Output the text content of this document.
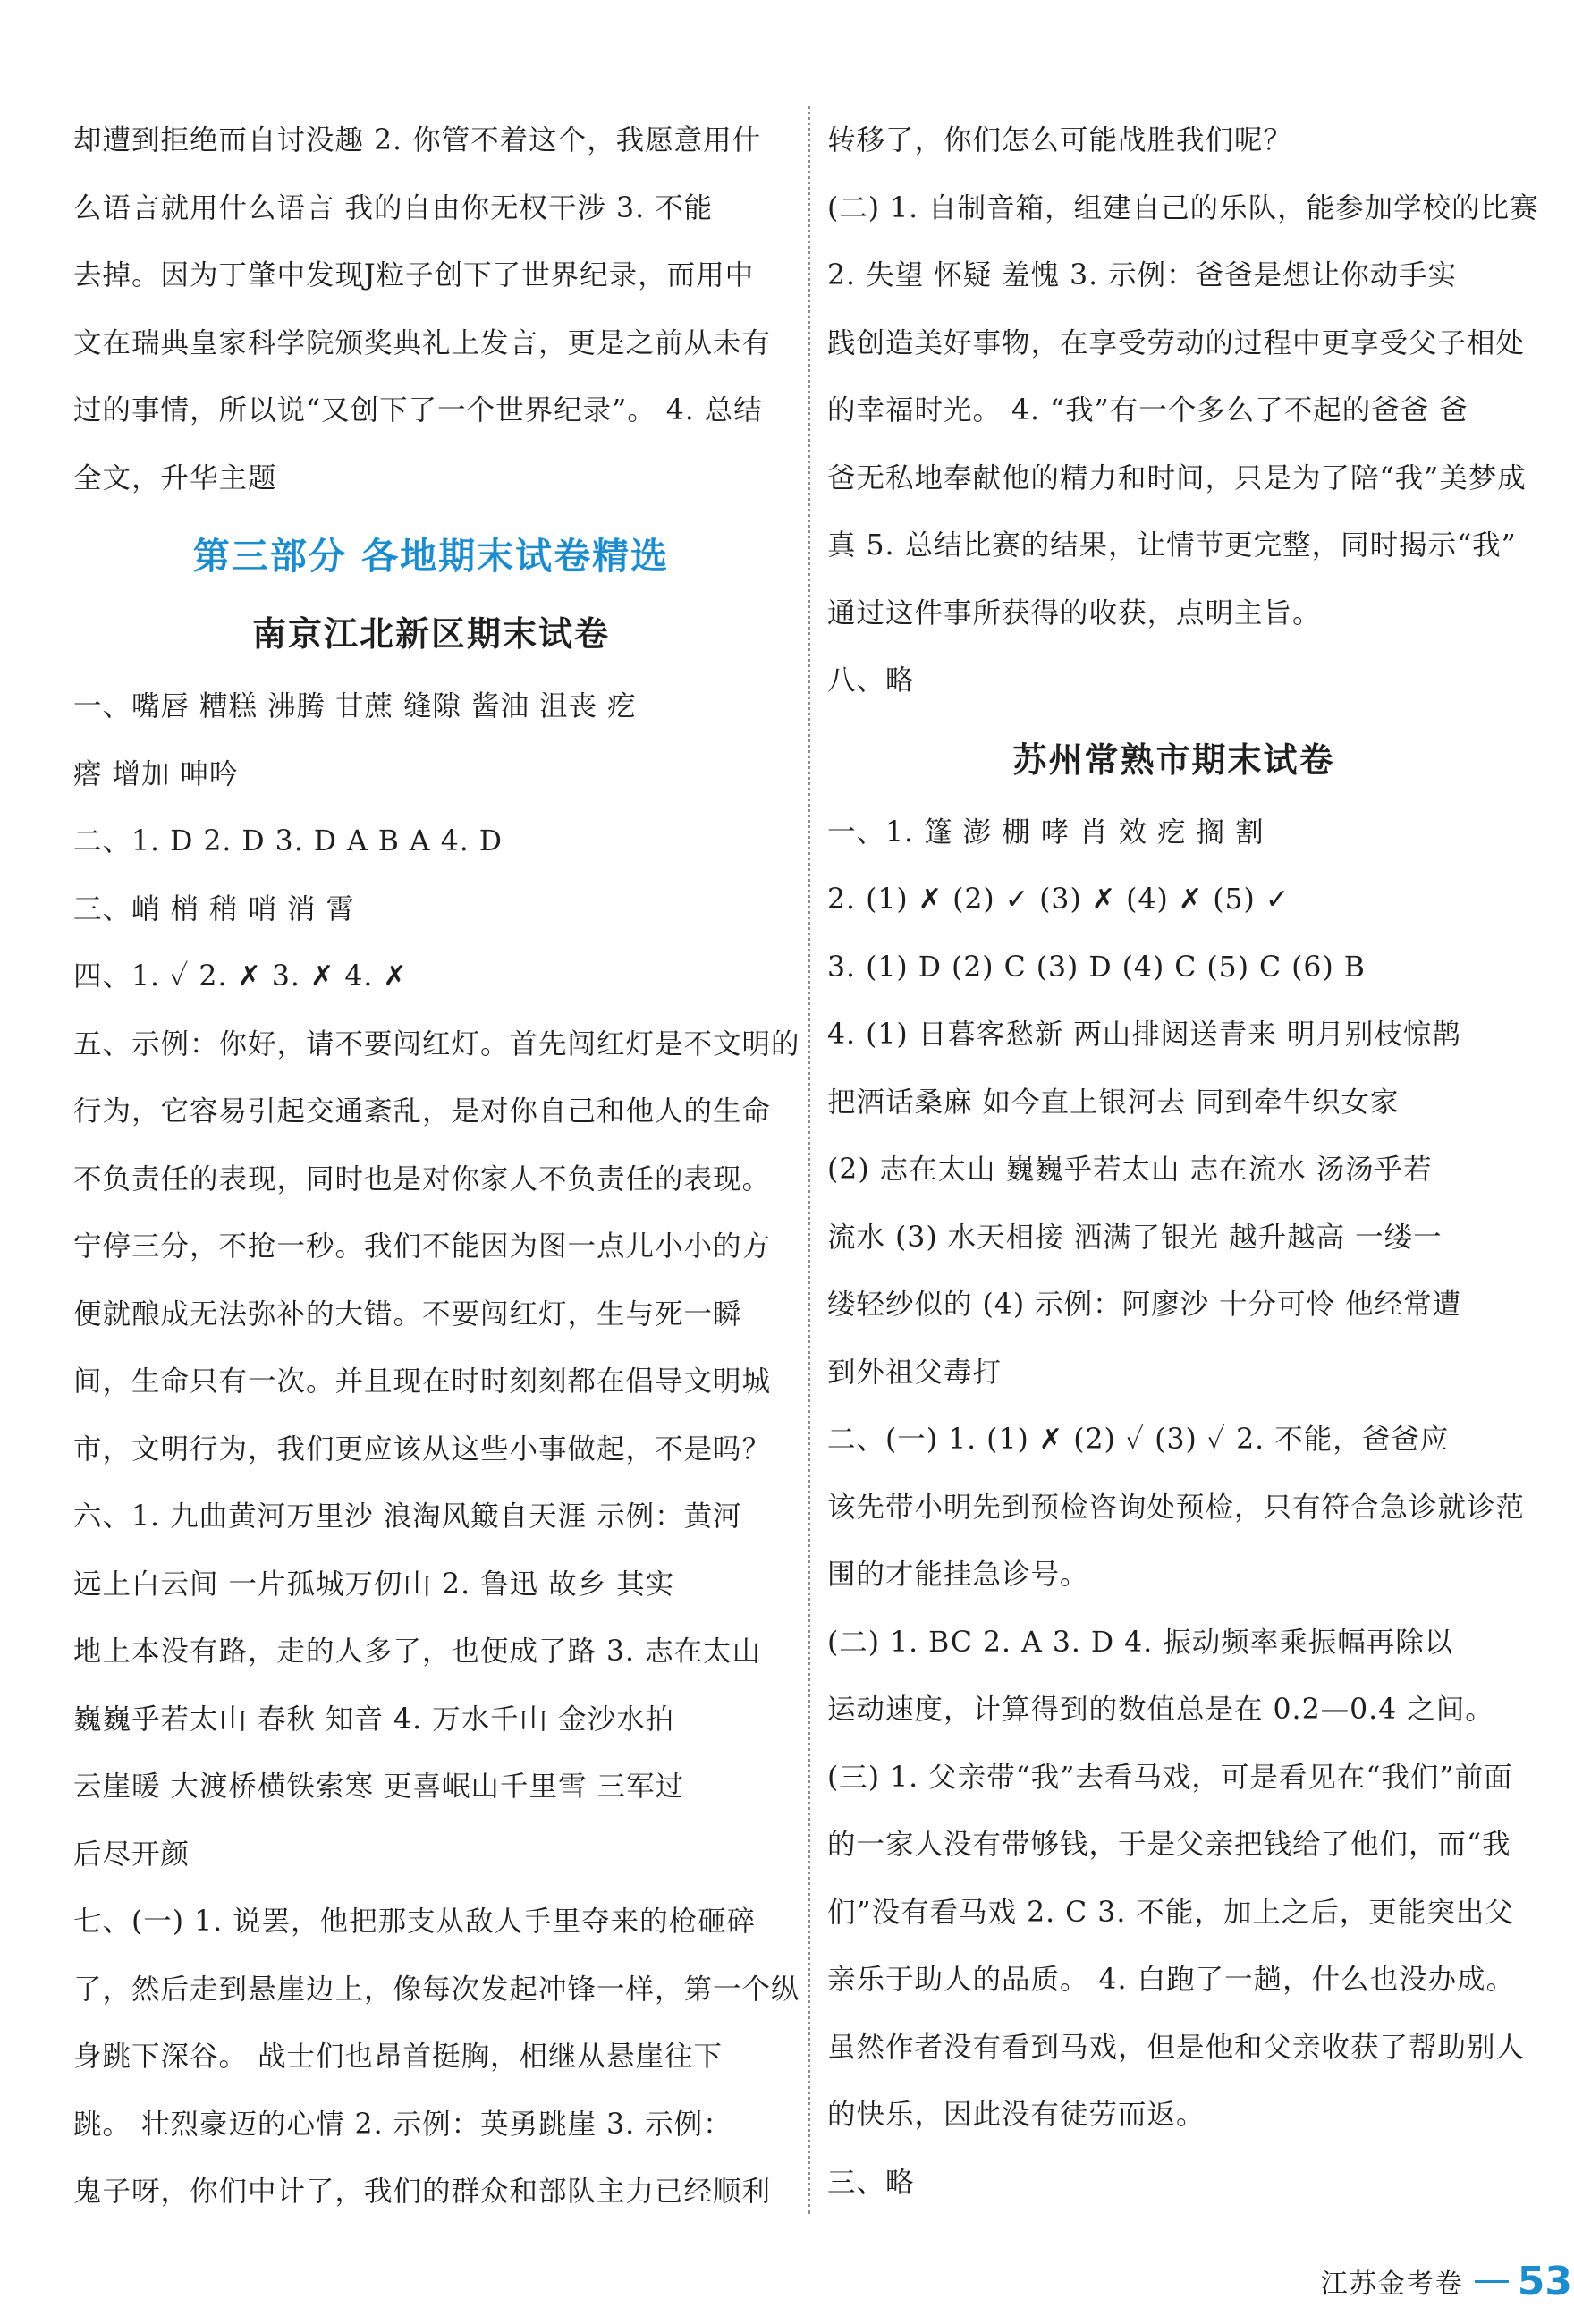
却遭到拒绝而自讨没趣 2. 你管不着这个，我愿意用什

么语言就用什么语言 我的自由你无权干涉 3. 不能

去掉。因为丁肇中发现J粒子创下了世界纪录，而用中

文在瑞典皇家科学院颁奖典礼上发言，更是之前从未有

过的事情，所以说“又创下了一个世界纪录”。 4. 总结

全文，升华主题

第三部分 各地期末试卷精选
南京江北新区期末试卷

一、嘴唇 糟糕 沸腾 甘蔗 缝隙 酱油 沮丧 疙

瘩 增加 呻吟

二、1. D 2. D 3. D A B A 4. D

三、峭 梢 稍 哨 消 霄

四、1. ✓ 2. ✗ 3. ✗ 4. ✗

五、示例：你好，请不要闯红灯。首先闯红灯是不文明的

行为，它容易引起交通紊乱，是对你自己和他人的生命

不负责任的表现，同时也是对你家人不负责任的表现。

宁停三分，不抢一秒。我们不能因为图一点儿小小的方

便就酿成无法弥补的大错。不要闯红灯，生与死一瞬

间，生命只有一次。并且现在时时刻刻都在倡导文明城

市，文明行为，我们更应该从这些小事做起，不是吗？

六、1. 九曲黄河万里沙 浪淘风簸自天涯 示例：黄河

远上白云间 一片孤城万仞山 2. 鲁迅 故乡 其实

地上本没有路，走的人多了，也便成了路 3. 志在太山

巍巍乎若太山 春秋 知音 4. 万水千山 金沙水拍

云崖暖 大渡桥横铁索寒 更喜岷山千里雪 三军过

后尽开颜

七、(一) 1. 说罢，他把那支从敌人手里夺来的枪砸碎

了，然后走到悬崖边上，像每次发起冲锋一样，第一个纵

身跳下深谷。 战士们也昂首挺胸，相继从悬崖往下

跳。 壮烈豪迈的心情 2. 示例：英勇跳崖 3. 示例：

鬼子呀，你们中计了，我们的群众和部队主力已经顺利

转移了，你们怎么可能战胜我们呢？

(二) 1. 自制音箱，组建自己的乐队，能参加学校的比赛

2. 失望 怀疑 羞愧 3. 示例：爸爸是想让你动手实

践创造美好事物，在享受劳动的过程中更享受父子相处

的幸福时光。 4. “我”有一个多么了不起的爸爸 爸

爸无私地奉献他的精力和时间，只是为了陪“我”美梦成

真 5. 总结比赛的结果，让情节更完整，同时揭示“我”

通过这件事所获得的收获，点明主旨。

八、略

苏州常熟市期末试卷

一、1. 篷 澎 棚 哮 肖 效 疙 搁 割

2. (1) ✗ (2) ✓ (3) ✗ (4) ✗ (5) ✓

3. (1) D (2) C (3) D (4) C (5) C (6) B

4. (1) 日暮客愁新 两山排闼送青来 明月别枝惊鹊

把酒话桑麻 如今直上银河去 同到牵牛织女家

(2) 志在太山 巍巍乎若太山 志在流水 汤汤乎若

流水 (3) 水天相接 洒满了银光 越升越高 一缕一

缕轻纱似的 (4) 示例：阿廖沙 十分可怜 他经常遭

到外祖父毒打

二、(一) 1. (1) ✗ (2) ✓ (3) ✓ 2. 不能，爸爸应

该先带小明先到预检咨询处预检，只有符合急诊就诊范

围的才能挂急诊号。

(二) 1. BC 2. A 3. D 4. 振动频率乘振幅再除以

运动速度，计算得到的数值总是在 0.2—0.4 之间。

(三) 1. 父亲带“我”去看马戏，可是看见在“我们”前面

的一家人没有带够钱，于是父亲把钱给了他们，而“我

们”没有看马戏 2. C 3. 不能，加上之后，更能突出父

亲乐于助人的品质。 4. 白跑了一趟，什么也没办成。

虽然作者没有看到马戏，但是他和父亲收获了帮助别人

的快乐，因此没有徒劳而返。

三、略

江苏金考卷 53
